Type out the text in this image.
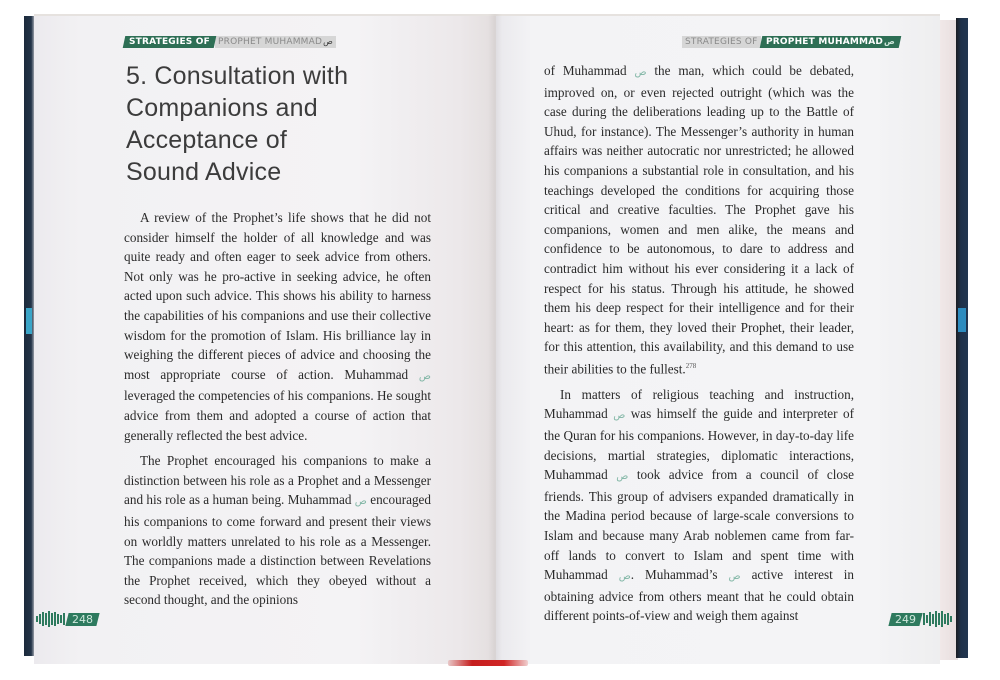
STRATEGIES OF PROPHET MUHAMMADص	STRATEGIES OF PROPHET MUHAMMADص
5. Consultation with
Companions and
Acceptance of
Sound Advice

A review of the Prophet’s life shows that he did not consider himself the holder of all knowledge and was quite ready and often eager to seek advice from others. Not only was he pro-active in seeking advice, he often acted upon such advice. This shows his ability to harness the capabilities of his companions and use their collective wisdom for the promotion of Islam. His brilliance lay in weighing the different pieces of advice and choosing the most appropriate course of action. Muhammad ص leveraged the competencies of his companions. He sought advice from them and adopted a course of action that generally reflected the best advice.

The Prophet encouraged his companions to make a distinction between his role as a Prophet and a Messenger and his role as a human being. Muhammad ص encouraged his companions to come forward and present their views on worldly matters unrelated to his role as a Messenger. The companions made a distinction between Revelations the Prophet received, which they obeyed without a second thought, and the opinions

of Muhammad ص the man, which could be debated, improved on, or even rejected outright (which was the case during the deliberations leading up to the Battle of Uhud, for instance). The Messenger’s authority in human affairs was neither autocratic nor unrestricted; he allowed his companions a substantial role in consultation, and his teachings developed the conditions for acquiring those critical and creative faculties. The Prophet gave his companions, women and men alike, the means and confidence to be autonomous, to dare to address and contradict him without his ever considering it a lack of respect for his status. Through his attitude, he showed them his deep respect for their intelligence and for their heart: as for them, they loved their Prophet, their leader, for this attention, this availability, and this demand to use their abilities to the fullest.$^{278}$

In matters of religious teaching and instruction, Muhammad ص was himself the guide and interpreter of the Quran for his companions. However, in day-to-day life decisions, martial strategies, diplomatic interactions, Muhammad ص took advice from a council of close friends. This group of advisers expanded dramatically in the Madina period because of large-scale conversions to Islam and because many Arab noblemen came from far-off lands to convert to Islam and spent time with Muhammad ص. Muhammad’s ص active interest in obtaining advice from others meant that he could obtain different points-of-view and weigh them against

248	249
